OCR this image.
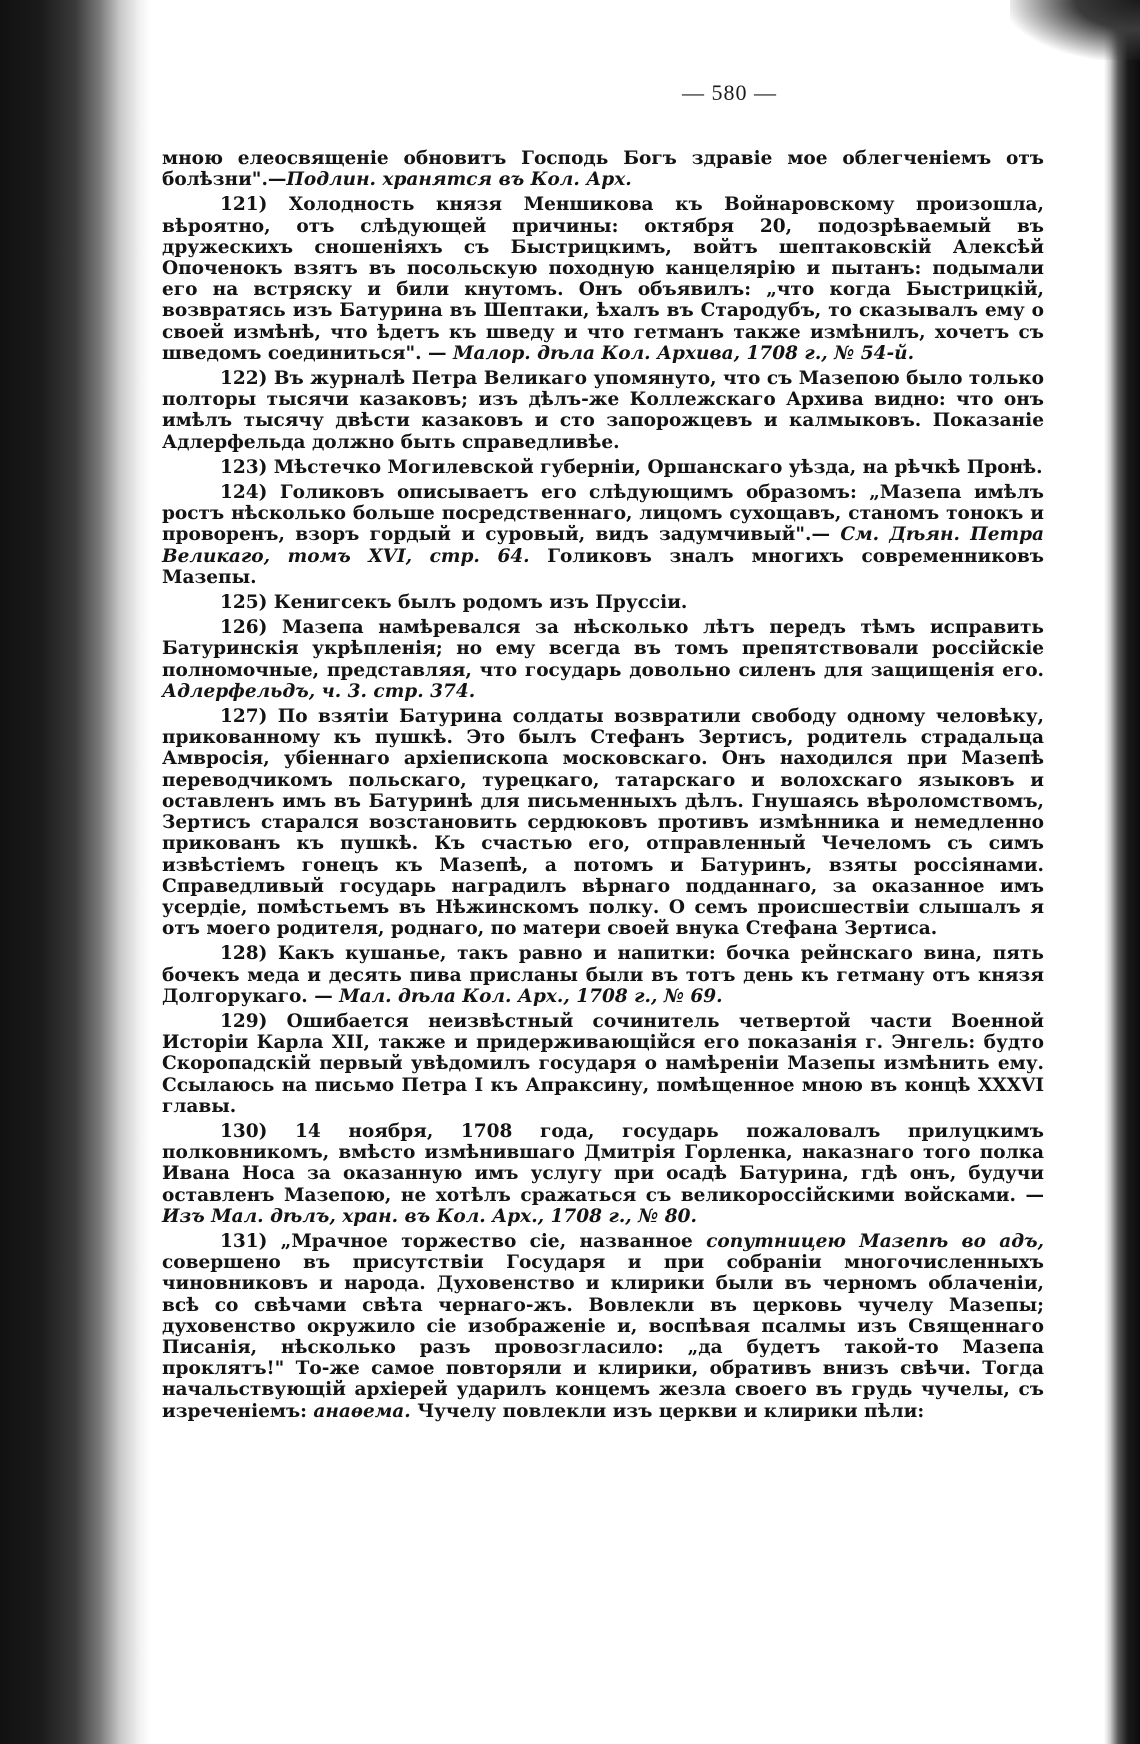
— 580 —

мною елеосвященіе обновитъ Господь Богъ здравіе мое облегченіемъ отъ болѣзни".—Подлин. хранятся въ Кол. Арх.

121) Холодность князя Меншикова къ Войнаровскому произошла, вѣроятно, отъ слѣдующей причины: октября 20, подозрѣваемый въ дружескихъ сношеніяхъ съ Быстрицкимъ, войтъ шептаковскій Алексѣй Опоченокъ взятъ въ посольскую походную канцелярію и пытанъ: подымали его на встряску и били кнутомъ. Онъ объявилъ: „что когда Быстрицкій, возвратясь изъ Батурина въ Шептаки, ѣхалъ въ Стародубъ, то сказывалъ ему о своей измѣнѣ, что ѣдетъ къ шведу и что гетманъ также измѣнилъ, хочетъ съ шведомъ соединиться". — Малор. дѣла Кол. Архива, 1708 г., № 54-й.

122) Въ журналѣ Петра Великаго упомянуто, что съ Мазепою было только полторы тысячи казаковъ; изъ дѣлъ-же Коллежскаго Архива видно: что онъ имѣлъ тысячу двѣсти казаковъ и сто запорожцевъ и калмыковъ. Показаніе Адлерфельда должно быть справедливѣе.

123) Мѣстечко Могилевской губерніи, Оршанскаго уѣзда, на рѣчкѣ Пронѣ.

124) Голиковъ описываетъ его слѣдующимъ образомъ: „Мазепа имѣлъ ростъ нѣсколько больше посредственнаго, лицомъ сухощавъ, станомъ тонокъ и проворенъ, взоръ гордый и суровый, видъ задумчивый".— См. Дѣян. Петра Великаго, томъ XVI, стр. 64. Голиковъ зналъ многихъ современниковъ Мазепы.

125) Кенигсекъ былъ родомъ изъ Пруссіи.

126) Мазепа намѣревался за нѣсколько лѣтъ передъ тѣмъ исправить Батуринскія укрѣпленія; но ему всегда въ томъ препятствовали россійскіе полномочные, представляя, что государь довольно силенъ для защищенія его. Адлерфельдъ, ч. 3. стр. 374.

127) По взятіи Батурина солдаты возвратили свободу одному человѣку, прикованному къ пушкѣ. Это былъ Стефанъ Зертисъ, родитель страдальца Амвросія, убіеннаго архіепископа московскаго. Онъ находился при Мазепѣ переводчикомъ польскаго, турецкаго, татарскаго и волохскаго языковъ и оставленъ имъ въ Батуринѣ для письменныхъ дѣлъ. Гнушаясь вѣроломствомъ, Зертисъ старался возстановить сердюковъ противъ измѣнника и немедленно прикованъ къ пушкѣ. Къ счастью его, отправленный Чечеломъ съ симъ извѣстіемъ гонецъ къ Мазепѣ, а потомъ и Батуринъ, взяты россіянами. Справедливый государь наградилъ вѣрнаго подданнаго, за оказанное имъ усердіе, помѣстьемъ въ Нѣжинскомъ полку. О семъ происшествіи слышалъ я отъ моего родителя, роднаго, по матери своей внука Стефана Зертиса.

128) Какъ кушанье, такъ равно и напитки: бочка рейнскаго вина, пять бочекъ меда и десять пива присланы были въ тотъ день къ гетману отъ князя Долгорукаго. — Мал. дѣла Кол. Арх., 1708 г., № 69.

129) Ошибается неизвѣстный сочинитель четвертой части Военной Исторіи Карла XII, также и придерживающійся его показанія г. Энгель: будто Скоропадскій первый увѣдомилъ государя о намѣреніи Мазепы измѣнить ему. Ссылаюсь на письмо Петра I къ Апраксину, помѣщенное мною въ концѣ XXXVI главы.

130) 14 ноября, 1708 года, государь пожаловалъ прилуцкимъ полковникомъ, вмѣсто измѣнившаго Дмитрія Горленка, наказнаго того полка Ивана Носа за оказанную имъ услугу при осадѣ Батурина, гдѣ онъ, будучи оставленъ Мазепою, не хотѣлъ сражаться съ великороссійскими войсками. — Изъ Мал. дѣлъ, хран. въ Кол. Арх., 1708 г., № 80.

131) „Мрачное торжество сіе, названное сопутницею Мазепѣ во адъ, совершено въ присутствіи Государя и при собраніи многочисленныхъ чиновниковъ и народа. Духовенство и клирики были въ черномъ облаченіи, всѣ со свѣчами свѣта чернаго-жъ. Вовлекли въ церковь чучелу Мазепы; духовенство окружило сіе изображеніе и, воспѣвая псалмы изъ Священнаго Писанія, нѣсколько разъ провозгласило: „да будетъ такой-то Мазепа проклятъ!" То-же самое повторяли и клирики, обративъ внизъ свѣчи. Тогда начальствующій архіерей ударилъ концемъ жезла своего въ грудь чучелы, съ изреченіемъ: анаѳема. Чучелу повлекли изъ церкви и клирики пѣли:
